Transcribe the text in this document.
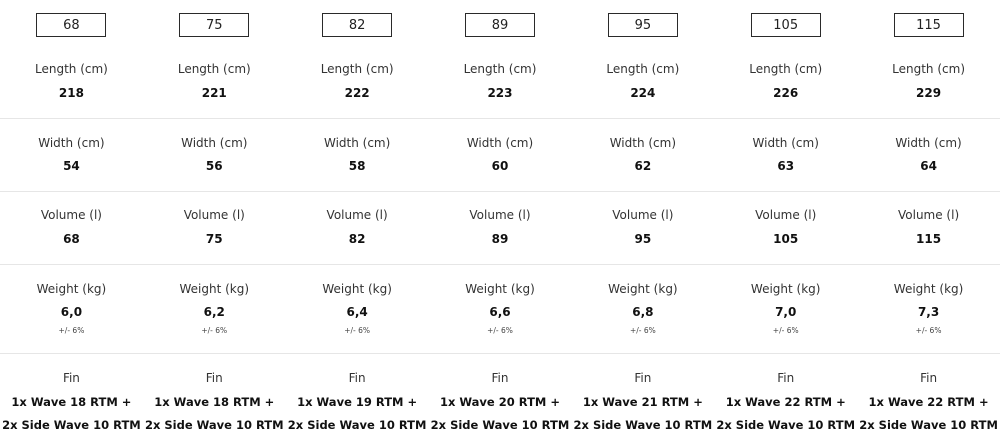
68
Length (cm)
218
Width (cm)
54
Volume (l)
68
Weight (kg)
6,0
+/- 6%
Fin
1x Wave 18 RTM +
2x Side Wave 10 RTM
75
Length (cm)
221
Width (cm)
56
Volume (l)
75
Weight (kg)
6,2
+/- 6%
Fin
1x Wave 18 RTM +
2x Side Wave 10 RTM
82
Length (cm)
222
Width (cm)
58
Volume (l)
82
Weight (kg)
6,4
+/- 6%
Fin
1x Wave 19 RTM +
2x Side Wave 10 RTM
89
Length (cm)
223
Width (cm)
60
Volume (l)
89
Weight (kg)
6,6
+/- 6%
Fin
1x Wave 20 RTM +
2x Side Wave 10 RTM
95
Length (cm)
224
Width (cm)
62
Volume (l)
95
Weight (kg)
6,8
+/- 6%
Fin
1x Wave 21 RTM +
2x Side Wave 10 RTM
105
Length (cm)
226
Width (cm)
63
Volume (l)
105
Weight (kg)
7,0
+/- 6%
Fin
1x Wave 22 RTM +
2x Side Wave 10 RTM
115
Length (cm)
229
Width (cm)
64
Volume (l)
115
Weight (kg)
7,3
+/- 6%
Fin
1x Wave 22 RTM +
2x Side Wave 10 RTM
